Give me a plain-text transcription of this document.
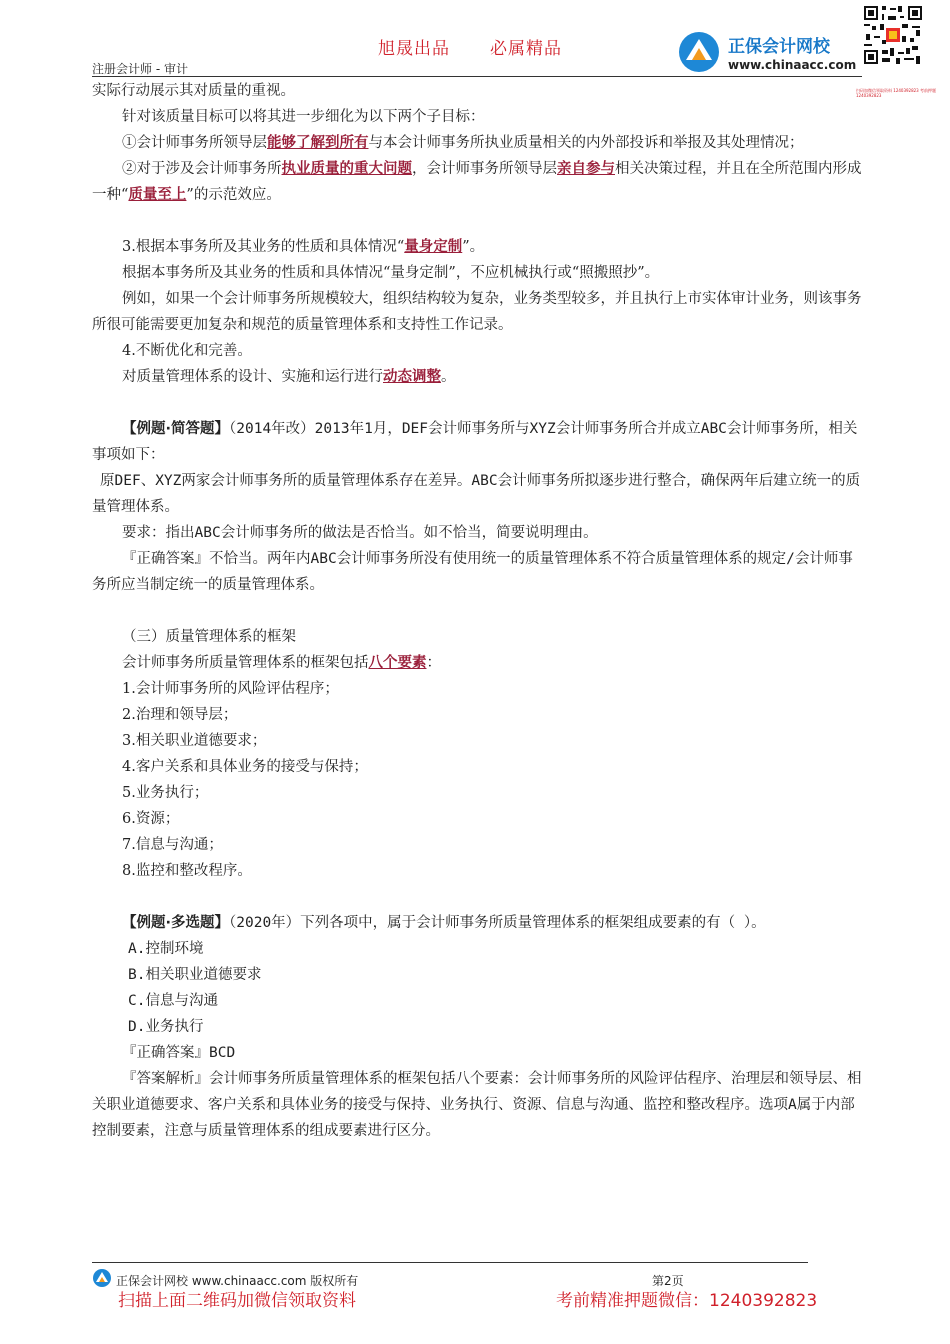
旭晟出品 必属精品
注册会计师 - 审计
正保会计网校
www.chinaacc.com
扫码加微信领取资料 1240392823 考前押题 1240392823

实际行动展示其对质量的重视。

针对该质量目标可以将其进一步细化为以下两个子目标：

①会计师事务所领导层能够了解到所有与本会计师事务所执业质量相关的内外部投诉和举报及其处理情况；

②对于涉及会计师事务所执业质量的重大问题，会计师事务所领导层亲自参与相关决策过程，并且在全所范围内形成一种“质量至上”的示范效应。

3.根据本事务所及其业务的性质和具体情况“量身定制”。

根据本事务所及其业务的性质和具体情况“量身定制”，不应机械执行或“照搬照抄”。

例如，如果一个会计师事务所规模较大，组织结构较为复杂，业务类型较多，并且执行上市实体审计业务，则该事务所很可能需要更加复杂和规范的质量管理体系和支持性工作记录。

4.不断优化和完善。

对质量管理体系的设计、实施和运行进行动态调整。

【例题·简答题】（2014年改）2013年1月，DEF会计师事务所与XYZ会计师事务所合并成立ABC会计师事务所，相关事项如下：

原DEF、XYZ两家会计师事务所的质量管理体系存在差异。ABC会计师事务所拟逐步进行整合，确保两年后建立统一的质量管理体系。

要求：指出ABC会计师事务所的做法是否恰当。如不恰当，简要说明理由。

『正确答案』不恰当。两年内ABC会计师事务所没有使用统一的质量管理体系不符合质量管理体系的规定/会计师事务所应当制定统一的质量管理体系。

（三）质量管理体系的框架

会计师事务所质量管理体系的框架包括八个要素：

1.会计师事务所的风险评估程序；

2.治理和领导层；

3.相关职业道德要求；

4.客户关系和具体业务的接受与保持；

5.业务执行；

6.资源；

7.信息与沟通；

8.监控和整改程序。

【例题·多选题】（2020年）下列各项中，属于会计师事务所质量管理体系的框架组成要素的有（ ）。

A.控制环境

B.相关职业道德要求

C.信息与沟通

D.业务执行

『正确答案』BCD

『答案解析』会计师事务所质量管理体系的框架包括八个要素：会计师事务所的风险评估程序、治理层和领导层、相关职业道德要求、客户关系和具体业务的接受与保持、业务执行、资源、信息与沟通、监控和整改程序。选项A属于内部控制要素，注意与质量管理体系的组成要素进行区分。

正保会计网校 www.chinaacc.com 版权所有	第2页
扫描上面二维码加微信领取资料	考前精准押题微信：1240392823
